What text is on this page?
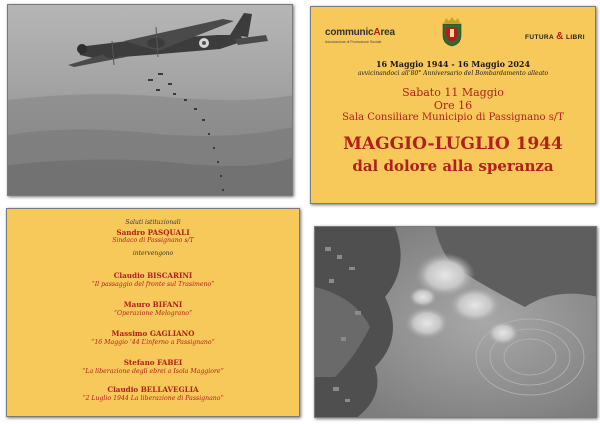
communicArea
Associazione di Promozione Sociale
FUTURA & LIBRI
16 Maggio 1944 - 16 Maggio 2024
avvicinandoci all’80° Anniversario del Bombardamento alleato
Sabato 11 Maggio
Ore 16
Sala Consiliare Municipio di Passignano s/T
MAGGIO-LUGLIO 1944
dal dolore alla speranza
Saluti istituzionali
Sandro PASQUALI
Sindaco di Passignano s/T
intervengono
Claudio BISCARINI
“Il passaggio del fronte sul Trasimeno”
Mauro BIFANI
“Operazione Melograno”
Massimo GAGLIANO
“16 Maggio ’44 L’inferno a Passignano”
Stefano FABEI
“La liberazione degli ebrei a Isola Maggiore”
Claudio BELLAVEGLIA
“2 Luglio 1944 La liberazione di Passignano”
